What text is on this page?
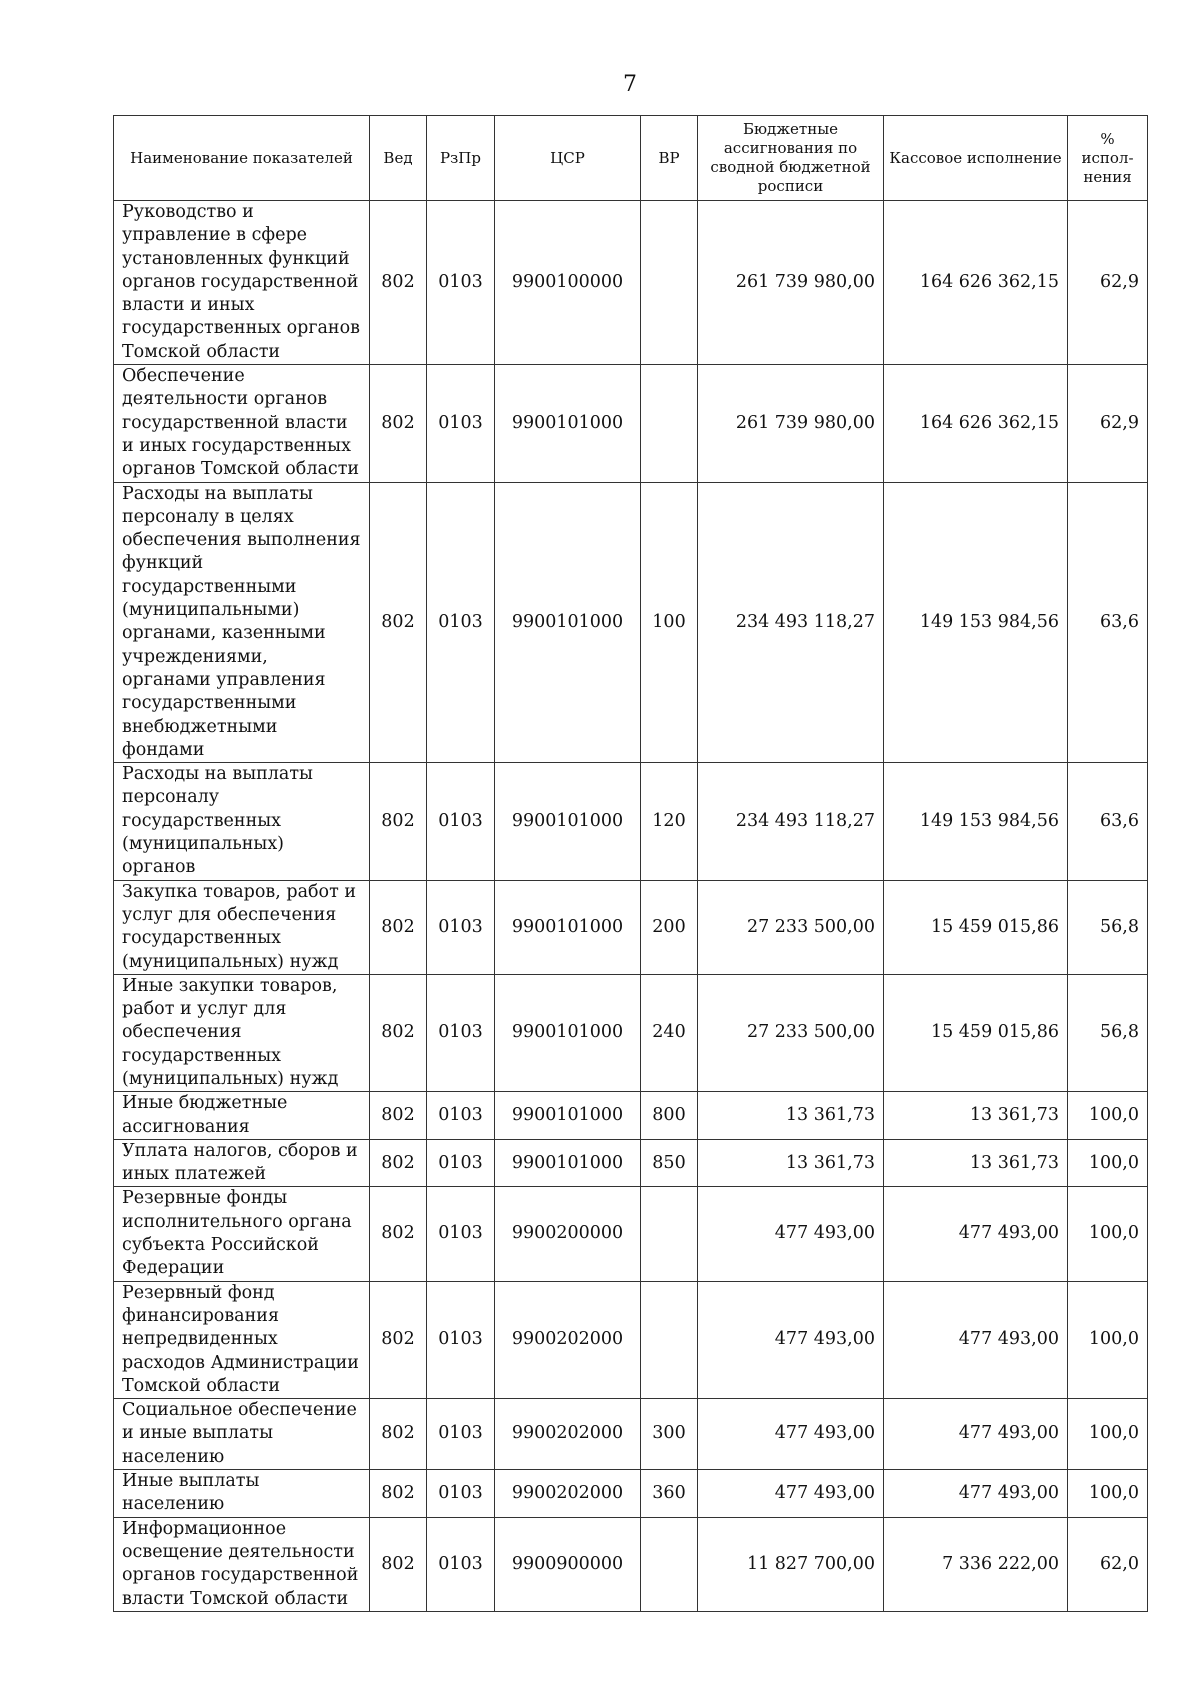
7
Наименование показателей	Вед	РзПр	ЦСР	ВР	Бюджетные ассигнования по сводной бюджетной росписи	Кассовое исполнение	% испол-нения
Руководство и управление в сфере установленных функций органов государственной власти и иных государственных органов Томской области	802	0103	9900100000		261 739 980,00	164 626 362,15	62,9
Обеспечение деятельности органов государственной власти и иных государственных органов Томской области	802	0103	9900101000		261 739 980,00	164 626 362,15	62,9
Расходы на выплаты персоналу в целях обеспечения выполнения функций государственными (муниципальными) органами, казенными учреждениями, органами управления государственными внебюджетными фондами	802	0103	9900101000	100	234 493 118,27	149 153 984,56	63,6
Расходы на выплаты персоналу государственных (муниципальных) органов	802	0103	9900101000	120	234 493 118,27	149 153 984,56	63,6
Закупка товаров, работ и услуг для обеспечения государственных (муниципальных) нужд	802	0103	9900101000	200	27 233 500,00	15 459 015,86	56,8
Иные закупки товаров, работ и услуг для обеспечения государственных (муниципальных) нужд	802	0103	9900101000	240	27 233 500,00	15 459 015,86	56,8
Иные бюджетные ассигнования	802	0103	9900101000	800	13 361,73	13 361,73	100,0
Уплата налогов, сборов и иных платежей	802	0103	9900101000	850	13 361,73	13 361,73	100,0
Резервные фонды исполнительного органа субъекта Российской Федерации	802	0103	9900200000		477 493,00	477 493,00	100,0
Резервный фонд финансирования непредвиденных расходов Администрации Томской области	802	0103	9900202000		477 493,00	477 493,00	100,0
Социальное обеспечение и иные выплаты населению	802	0103	9900202000	300	477 493,00	477 493,00	100,0
Иные выплаты населению	802	0103	9900202000	360	477 493,00	477 493,00	100,0
Информационное освещение деятельности органов государственной власти Томской области	802	0103	9900900000		11 827 700,00	7 336 222,00	62,0
